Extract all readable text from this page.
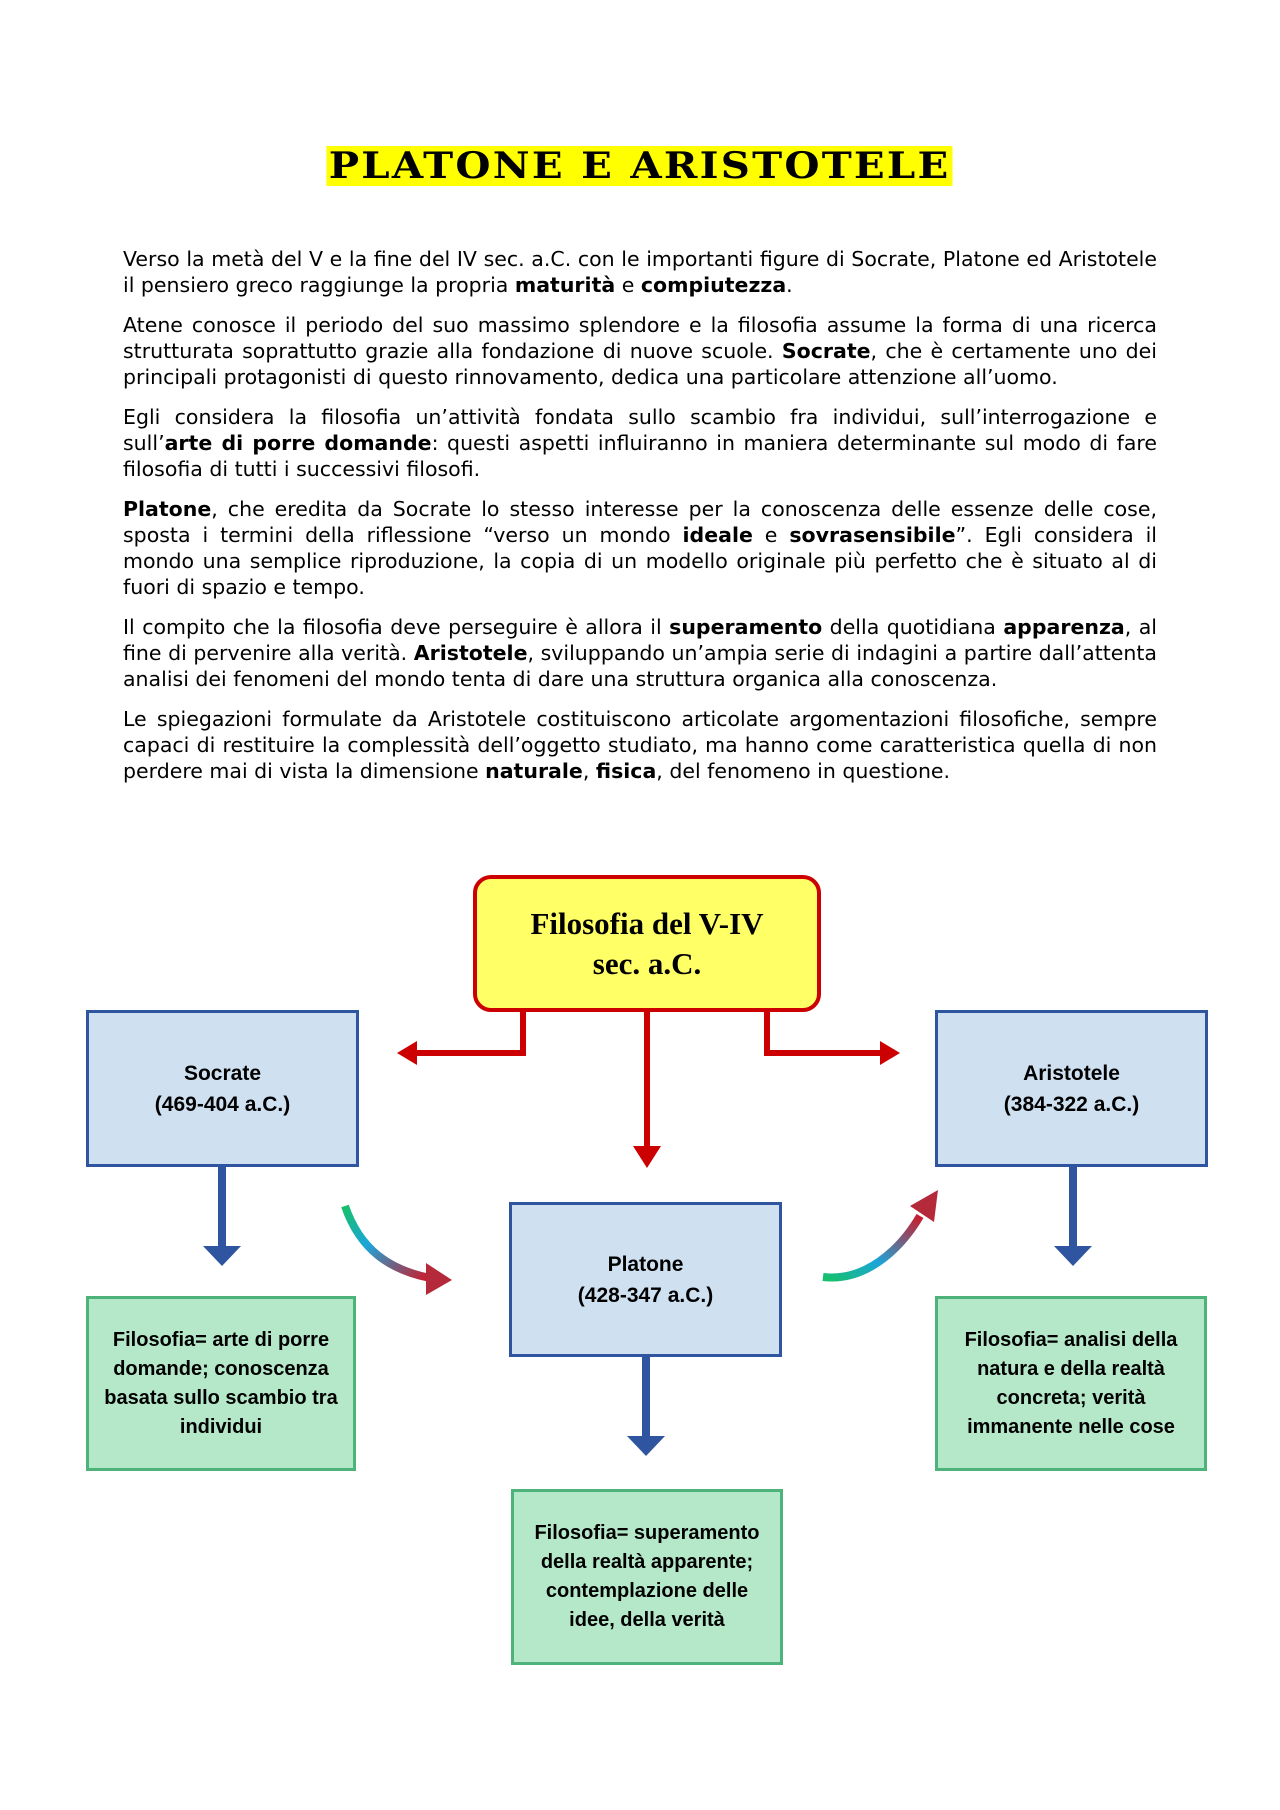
PLATONE E ARISTOTELE

Verso la metà del V e la fine del IV sec. a.C. con le importanti figure di Socrate, Platone ed Aristotele il pensiero greco raggiunge la propria maturità e compiutezza.

Atene conosce il periodo del suo massimo splendore e la filosofia assume la forma di una ricerca strutturata soprattutto grazie alla fondazione di nuove scuole. Socrate, che è certamente uno dei principali protagonisti di questo rinnovamento, dedica una particolare attenzione all’uomo.

Egli considera la filosofia un’attività fondata sullo scambio fra individui, sull’interrogazione e sull’arte di porre domande: questi aspetti influiranno in maniera determinante sul modo di fare filosofia di tutti i successivi filosofi.

Platone, che eredita da Socrate lo stesso interesse per la conoscenza delle essenze delle cose, sposta i termini della riflessione “verso un mondo ideale e sovrasensibile”. Egli considera il mondo una semplice riproduzione, la copia di un modello originale più perfetto che è situato al di fuori di spazio e tempo.

Il compito che la filosofia deve perseguire è allora il superamento della quotidiana apparenza, al fine di pervenire alla verità. Aristotele, sviluppando un’ampia serie di indagini a partire dall’attenta analisi dei fenomeni del mondo tenta di dare una struttura organica alla conoscenza.

Le spiegazioni formulate da Aristotele costituiscono articolate argomentazioni filosofiche, sempre capaci di restituire la complessità dell’oggetto studiato, ma hanno come caratteristica quella di non perdere mai di vista la dimensione naturale, fisica, del fenomeno in questione.

Filosofia del V-IV
sec. a.C.
Socrate
(469-404 a.C.)
Platone
(428-347 a.C.)
Aristotele
(384-322 a.C.)
Filosofia= arte di porre domande; conoscenza basata sullo scambio tra individui
Filosofia= superamento della realtà apparente; contemplazione delle idee, della verità
Filosofia= analisi della natura e della realtà concreta; verità immanente nelle cose
